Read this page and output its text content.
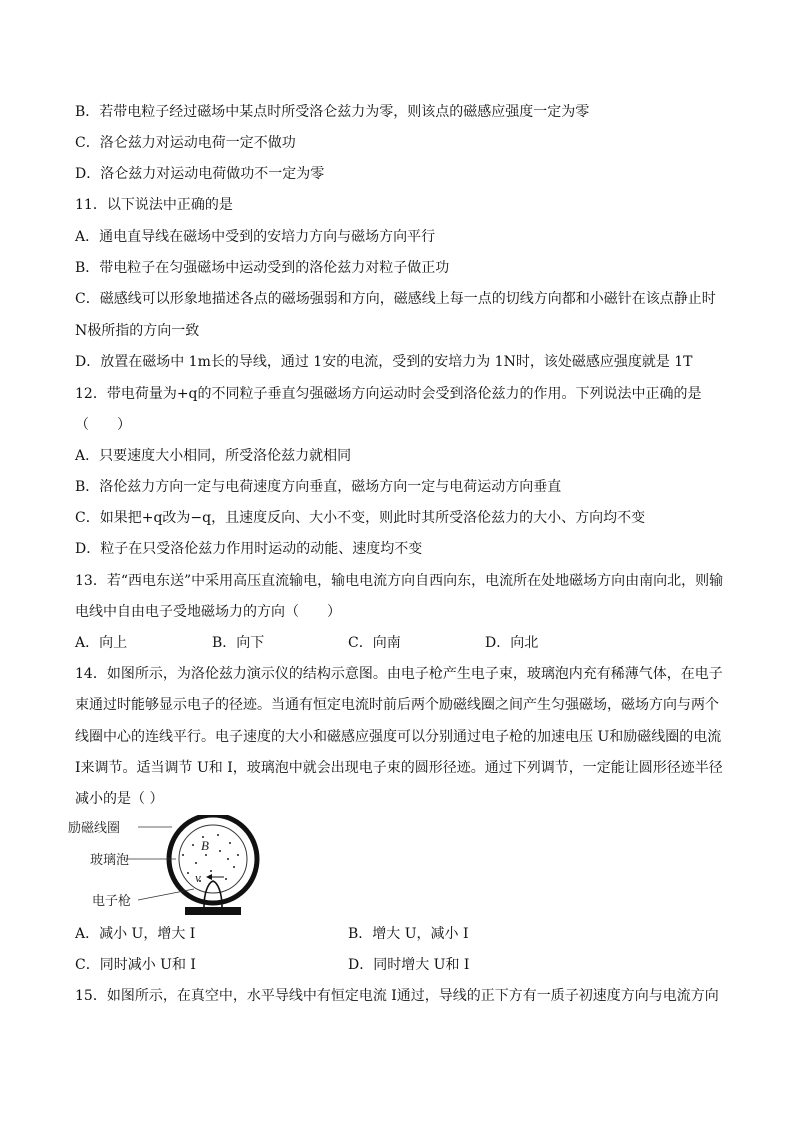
B．若带电粒子经过磁场中某点时所受洛仑兹力为零，则该点的磁感应强度一定为零
C．洛仑兹力对运动电荷一定不做功
D．洛仑兹力对运动电荷做功不一定为零
11．以下说法中正确的是
A．通电直导线在磁场中受到的安培力方向与磁场方向平行
B．带电粒子在匀强磁场中运动受到的洛伦兹力对粒子做正功
C．磁感线可以形象地描述各点的磁场强弱和方向，磁感线上每一点的切线方向都和小磁针在该点静止时
N极所指的方向一致
D．放置在磁场中 1m长的导线，通过 1安的电流，受到的安培力为 1N时，该处磁感应强度就是 1T
12．带电荷量为+q的不同粒子垂直匀强磁场方向运动时会受到洛伦兹力的作用。下列说法中正确的是
（　　）
A．只要速度大小相同，所受洛伦兹力就相同
B．洛伦兹力方向一定与电荷速度方向垂直，磁场方向一定与电荷运动方向垂直
C．如果把+q改为−q，且速度反向、大小不变，则此时其所受洛伦兹力的大小、方向均不变
D．粒子在只受洛伦兹力作用时运动的动能、速度均不变
13．若“西电东送”中采用高压直流输电，输电电流方向自西向东，电流所在处地磁场方向由南向北，则输
电线中自由电子受地磁场力的方向（　　）
A．向上	B．向下	C．向南	D．向北
14．如图所示，为洛伦兹力演示仪的结构示意图。由电子枪产生电子束，玻璃泡内充有稀薄气体，在电子
束通过时能够显示电子的径迹。当通有恒定电流时前后两个励磁线圈之间产生匀强磁场，磁场方向与两个
线圈中心的连线平行。电子速度的大小和磁感应强度可以分别通过电子枪的加速电压 U和励磁线圈的电流
I来调节。适当调节 U和 I，玻璃泡中就会出现电子束的圆形径迹。通过下列调节，一定能让圆形径迹半径
减小的是（ ）
B
v
励磁线圈
玻璃泡
电子枪
A．减小 U，增大 I	B．增大 U，减小 I
C．同时减小 U和 I	D．同时增大 U和 I
15．如图所示，在真空中，水平导线中有恒定电流 I通过，导线的正下方有一质子初速度方向与电流方向
